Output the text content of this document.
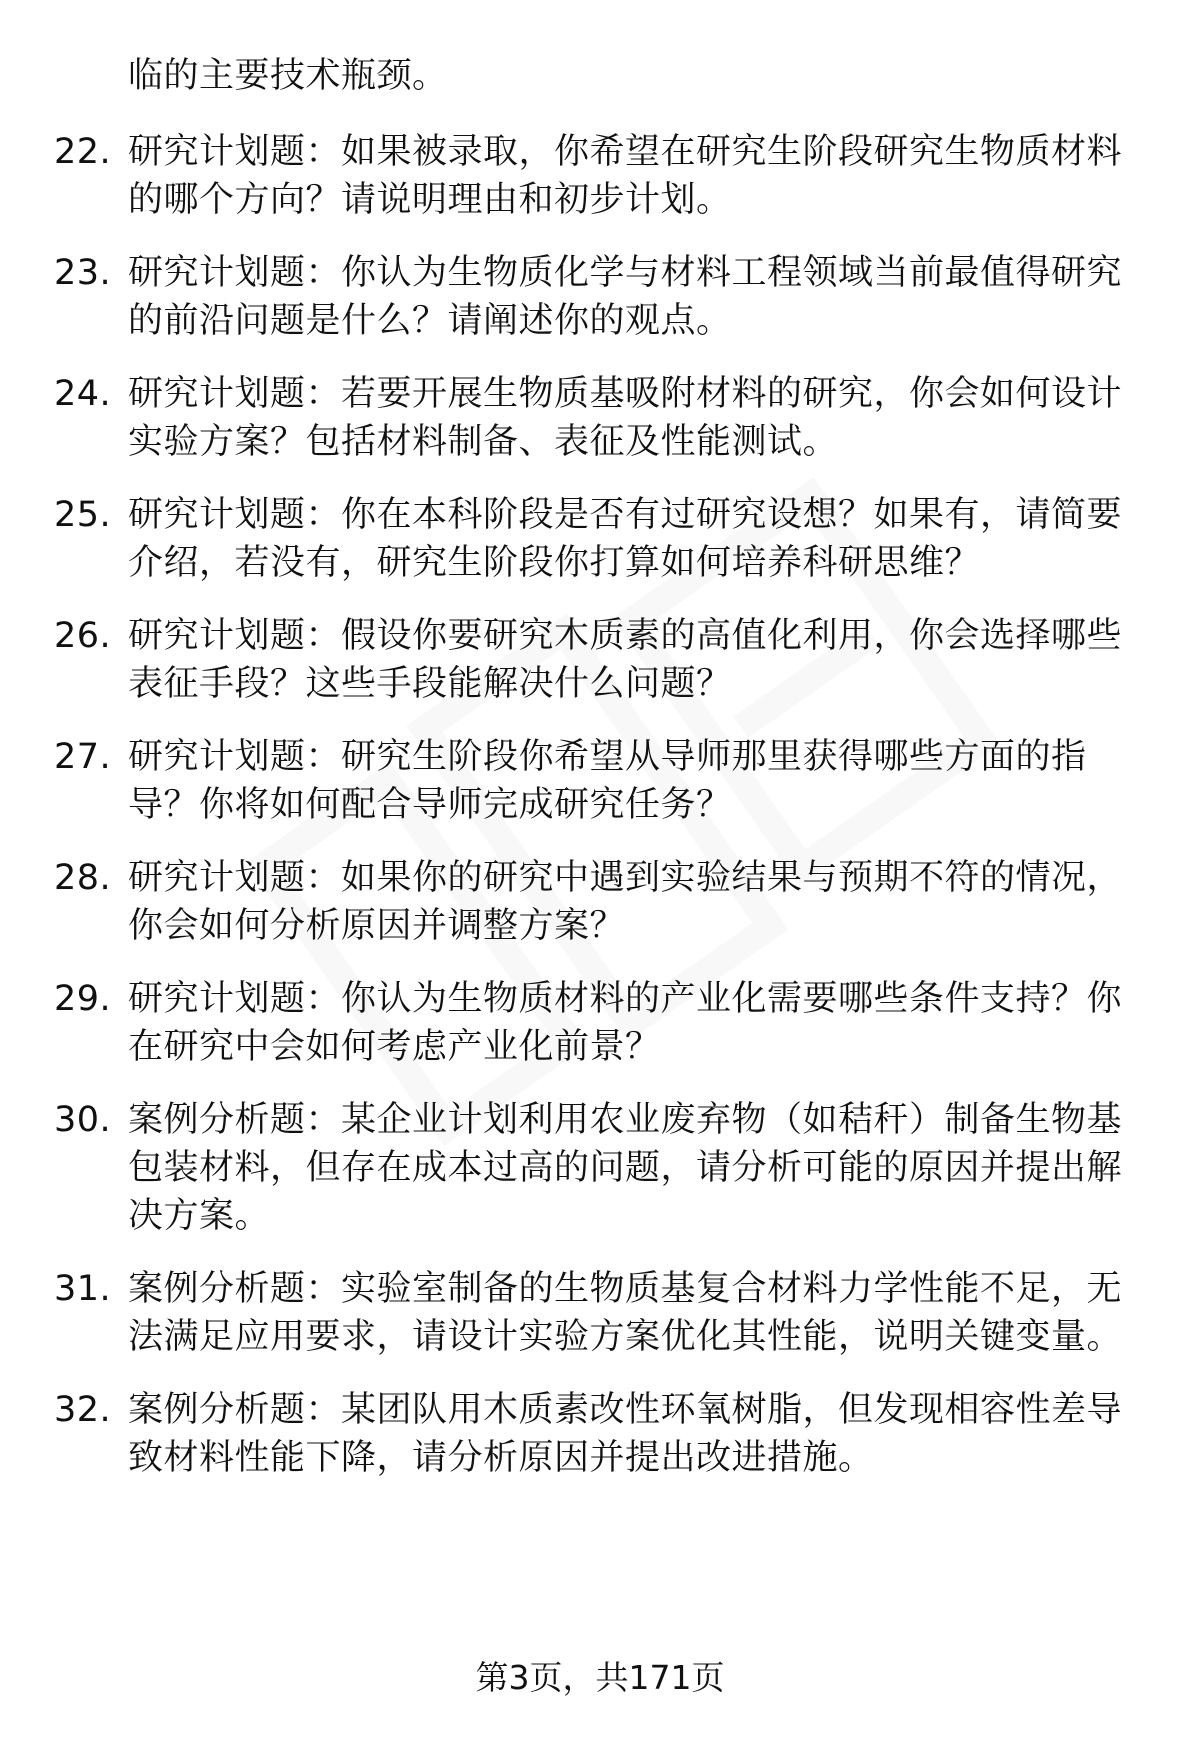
临的主要技术瓶颈。
22. 研究计划题：如果被录取，你希望在研究生阶段研究生物质材料
的哪个方向？请说明理由和初步计划。
23. 研究计划题：你认为生物质化学与材料工程领域当前最值得研究
的前沿问题是什么？请阐述你的观点。
24. 研究计划题：若要开展生物质基吸附材料的研究，你会如何设计
实验方案？包括材料制备、表征及性能测试。
25. 研究计划题：你在本科阶段是否有过研究设想？如果有，请简要
介绍，若没有，研究生阶段你打算如何培养科研思维？
26. 研究计划题：假设你要研究木质素的高值化利用，你会选择哪些
表征手段？这些手段能解决什么问题？
27. 研究计划题：研究生阶段你希望从导师那里获得哪些方面的指
导？你将如何配合导师完成研究任务？
28. 研究计划题：如果你的研究中遇到实验结果与预期不符的情况，
你会如何分析原因并调整方案？
29. 研究计划题：你认为生物质材料的产业化需要哪些条件支持？你
在研究中会如何考虑产业化前景？
30. 案例分析题：某企业计划利用农业废弃物（如秸秆）制备生物基
包装材料，但存在成本过高的问题，请分析可能的原因并提出解
决方案。
31. 案例分析题：实验室制备的生物质基复合材料力学性能不足，无
法满足应用要求，请设计实验方案优化其性能，说明关键变量。
32. 案例分析题：某团队用木质素改性环氧树脂，但发现相容性差导
致材料性能下降，请分析原因并提出改进措施。
第3页，共171页
